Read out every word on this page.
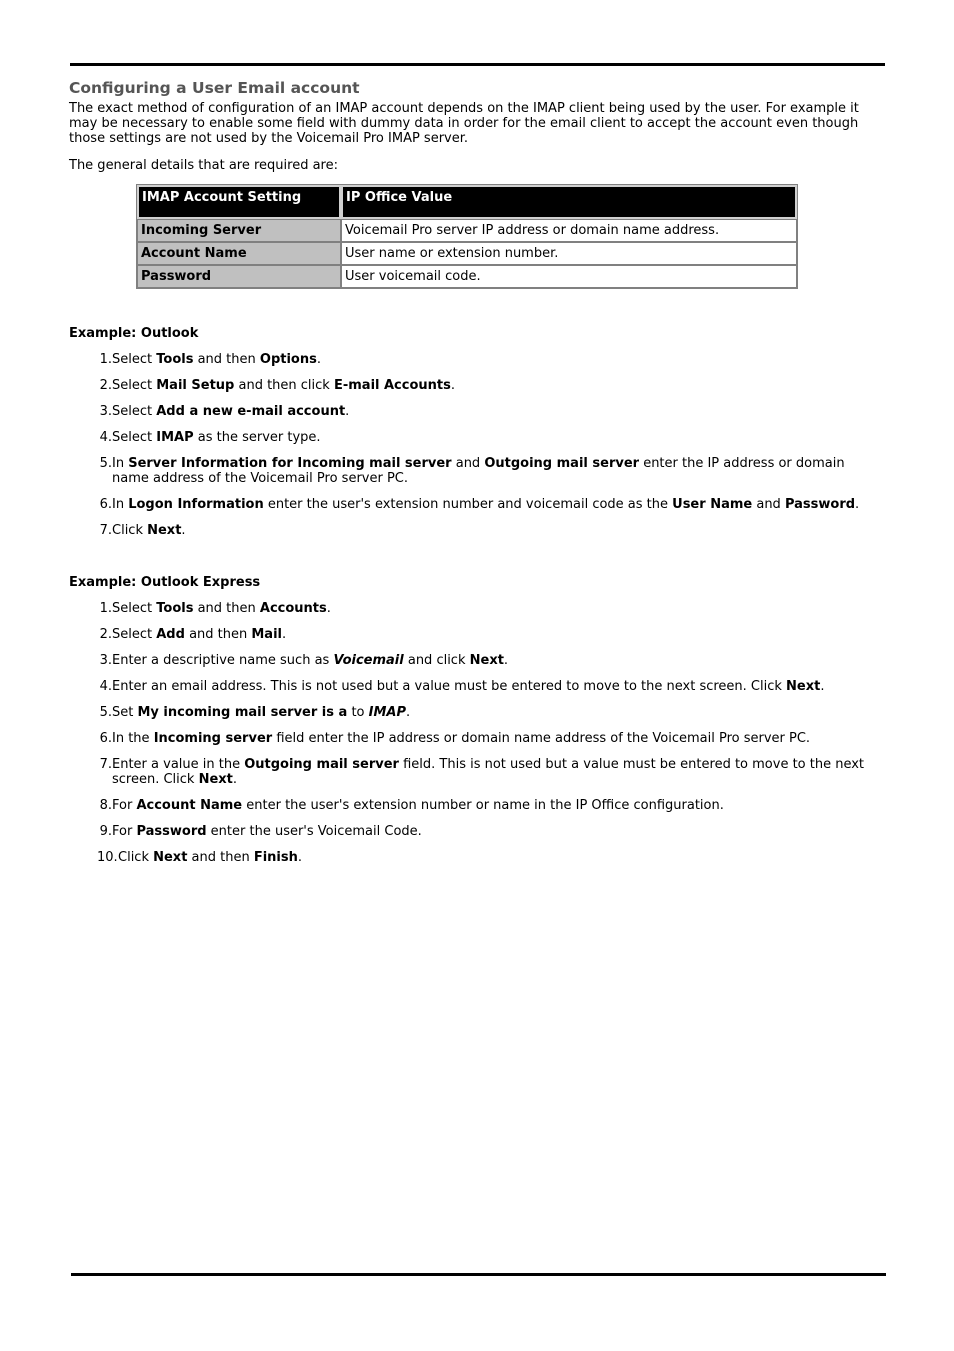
Configuring a User Email account

The exact method of configuration of an IMAP account depends on the IMAP client being used by the user. For example it may be necessary to enable some field with dummy data in order for the email client to accept the account even though those settings are not used by the Voicemail Pro IMAP server.

The general details that are required are:

IMAP Account Setting	IP Office Value
Incoming Server	Voicemail Pro server IP address or domain name address.
Account Name	User name or extension number.
Password	User voicemail code.

Example: Outlook

1. Select Tools and then Options.
2. Select Mail Setup and then click E-mail Accounts.
3. Select Add a new e-mail account.
4. Select IMAP as the server type.
5. In Server Information for Incoming mail server and Outgoing mail server enter the IP address or domain name address of the Voicemail Pro server PC.
6. In Logon Information enter the user's extension number and voicemail code as the User Name and Password.
7. Click Next.

Example: Outlook Express

1. Select Tools and then Accounts.
2. Select Add and then Mail.
3. Enter a descriptive name such as Voicemail and click Next.
4. Enter an email address. This is not used but a value must be entered to move to the next screen. Click Next.
5. Set My incoming mail server is a to IMAP.
6. In the Incoming server field enter the IP address or domain name address of the Voicemail Pro server PC.
7. Enter a value in the Outgoing mail server field. This is not used but a value must be entered to move to the next screen. Click Next.
8. For Account Name enter the user's extension number or name in the IP Office configuration.
9. For Password enter the user's Voicemail Code.
10. Click Next and then Finish.
